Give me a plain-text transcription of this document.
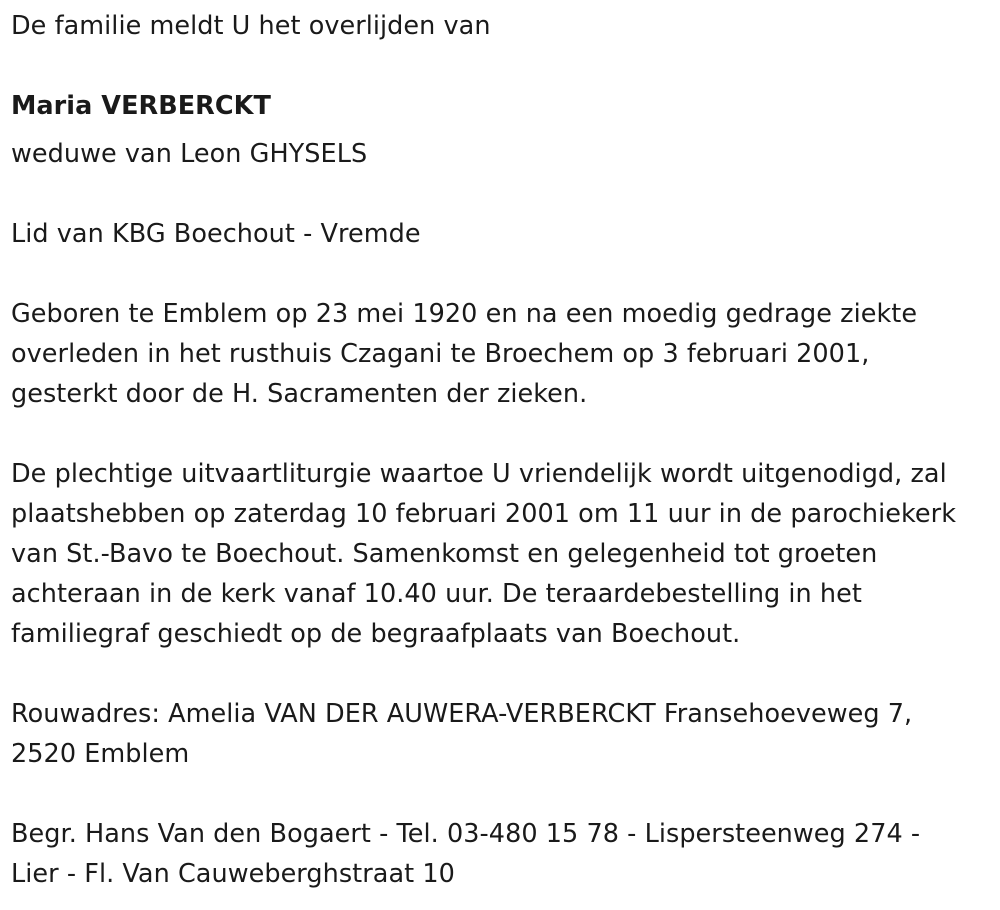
De familie meldt U het overlijden van
Maria VERBERCKT
weduwe van Leon GHYSELS
Lid van KBG Boechout - Vremde
Geboren te Emblem op 23 mei 1920 en na een moedig gedrage ziekte
overleden in het rusthuis Czagani te Broechem op 3 februari 2001,
gesterkt door de H. Sacramenten der zieken.
De plechtige uitvaartliturgie waartoe U vriendelijk wordt uitgenodigd, zal
plaatshebben op zaterdag 10 februari 2001 om 11 uur in de parochiekerk
van St.-Bavo te Boechout. Samenkomst en gelegenheid tot groeten
achteraan in de kerk vanaf 10.40 uur. De teraardebestelling in het
familiegraf geschiedt op de begraafplaats van Boechout.
Rouwadres: Amelia VAN DER AUWERA-VERBERCKT Fransehoeveweg 7,
2520 Emblem
Begr. Hans Van den Bogaert - Tel. 03-480 15 78 - Lispersteenweg 274 -
Lier - Fl. Van Cauweberghstraat 10
